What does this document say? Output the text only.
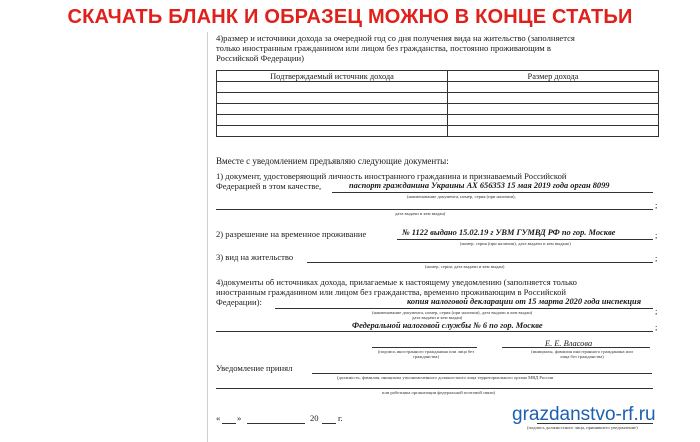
СКАЧАТЬ БЛАНК И ОБРАЗЕЦ МОЖНО В КОНЦЕ СТАТЬИ
4)размер и источники дохода за очередной год со дня получения вида на жительство (заполняется
только иностранным гражданином или лицом без гражданства, постоянно проживающим в
Российской Федерации)
Подтверждаемый источник дохода	Размер дохода

Вместе с уведомлением предъявляю следующие документы:
1) документ, удостоверяющий личность иностранного гражданина и признаваемый Российской
Федерацией в этом качестве,	паспорт гражданина Украины АХ 656353 15 мая 2019 года орган 8099
(наименование документа, номер, серия (при наличии),
;
дата выдачи и кем выдан)
2) разрешение на временное проживание	№ 1122 выдано 15.02.19 г УВМ ГУМВД РФ по гор. Москве	;
(номер, серия (при наличии), дата выдачи и кем выдано)
3) вид на жительство	;
(номер, серия, дата выдачи и кем выдан)
4)документы об источниках дохода, прилагаемые к настоящему уведомлению (заполняется только
иностранным гражданином или лицом без гражданства, временно проживающим в Российской
Федерации):	копия налоговой декларации от 15 марта 2020 года инспекция
;
(наименование документа, номер, серия (при наличии), дата выдачи и кем выдан)
дата выдачи и кем выдан)
Федеральной налоговой службы № 6 по гор. Москве	;
Е. Е. Власова
(подпись иностранного гражданина или лица без гражданства)
(инициалы, фамилия иностранного гражданина или лица без гражданства)
Уведомление принял
(должность, фамилия, инициалы уполномоченного должностного лица территориального органа МВД России
или работника организации федеральной почтовой связи)
« »	20 г.
(подпись должностного лица, принявшего уведомление)
grazdanstvo-rf.ru
